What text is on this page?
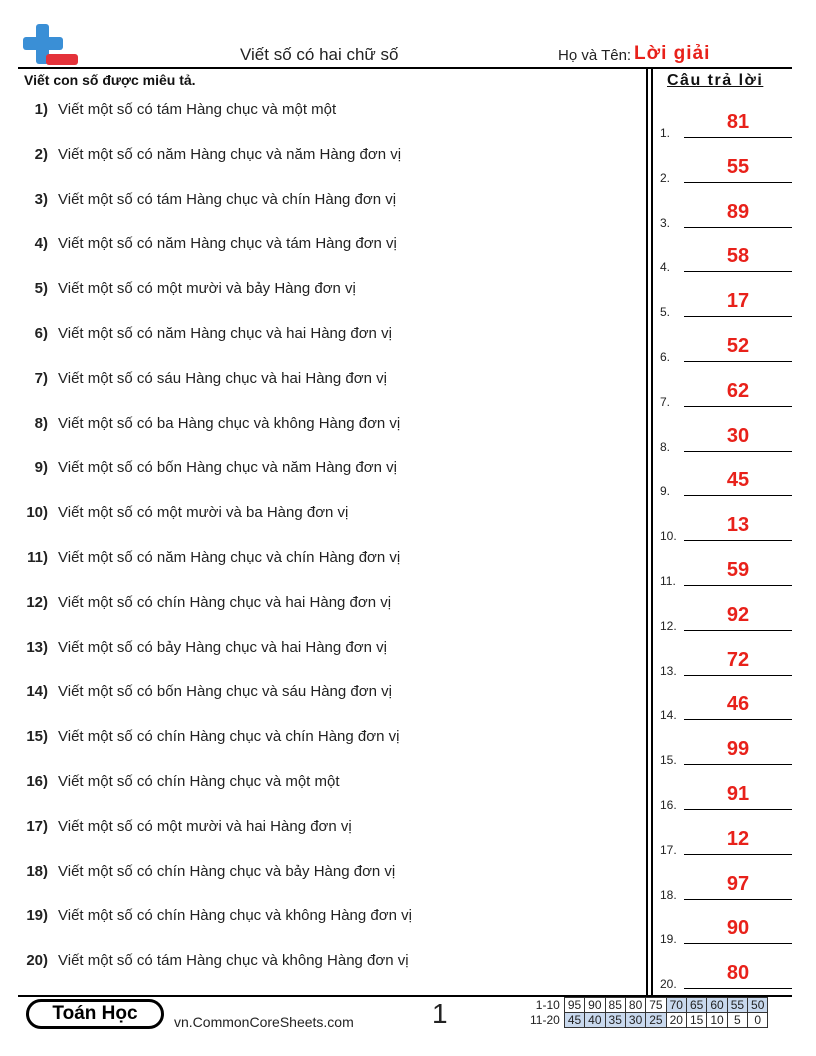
Viết số có hai chữ số	Họ và Tên: Lời giải
Viết con số được miêu tả.	Câu trả lời
1) Viết một số có tám Hàng chục và một một
2) Viết một số có năm Hàng chục và năm Hàng đơn vị
3) Viết một số có tám Hàng chục và chín Hàng đơn vị
4) Viết một số có năm Hàng chục và tám Hàng đơn vị
5) Viết một số có một mười và bảy Hàng đơn vị
6) Viết một số có năm Hàng chục và hai Hàng đơn vị
7) Viết một số có sáu Hàng chục và hai Hàng đơn vị
8) Viết một số có ba Hàng chục và không Hàng đơn vị
9) Viết một số có bốn Hàng chục và năm Hàng đơn vị
10) Viết một số có một mười và ba Hàng đơn vị
11) Viết một số có năm Hàng chục và chín Hàng đơn vị
12) Viết một số có chín Hàng chục và hai Hàng đơn vị
13) Viết một số có bảy Hàng chục và hai Hàng đơn vị
14) Viết một số có bốn Hàng chục và sáu Hàng đơn vị
15) Viết một số có chín Hàng chục và chín Hàng đơn vị
16) Viết một số có chín Hàng chục và một một
17) Viết một số có một mười và hai Hàng đơn vị
18) Viết một số có chín Hàng chục và bảy Hàng đơn vị
19) Viết một số có chín Hàng chục và không Hàng đơn vị
20) Viết một số có tám Hàng chục và không Hàng đơn vị
1.	81
2.	55
3.	89
4.	58
5.	17
6.	52
7.	62
8.	30
9.	45
10.	13
11.	59
12.	92
13.	72
14.	46
15.	99
16.	91
17.	12
18.	97
19.	90
20.	80
Toán Học	vn.CommonCoreSheets.com	1	1-10	95	90	85	80	75	70	65	60	55	50
11-20	45	40	35	30	25	20	15	10	5	0
